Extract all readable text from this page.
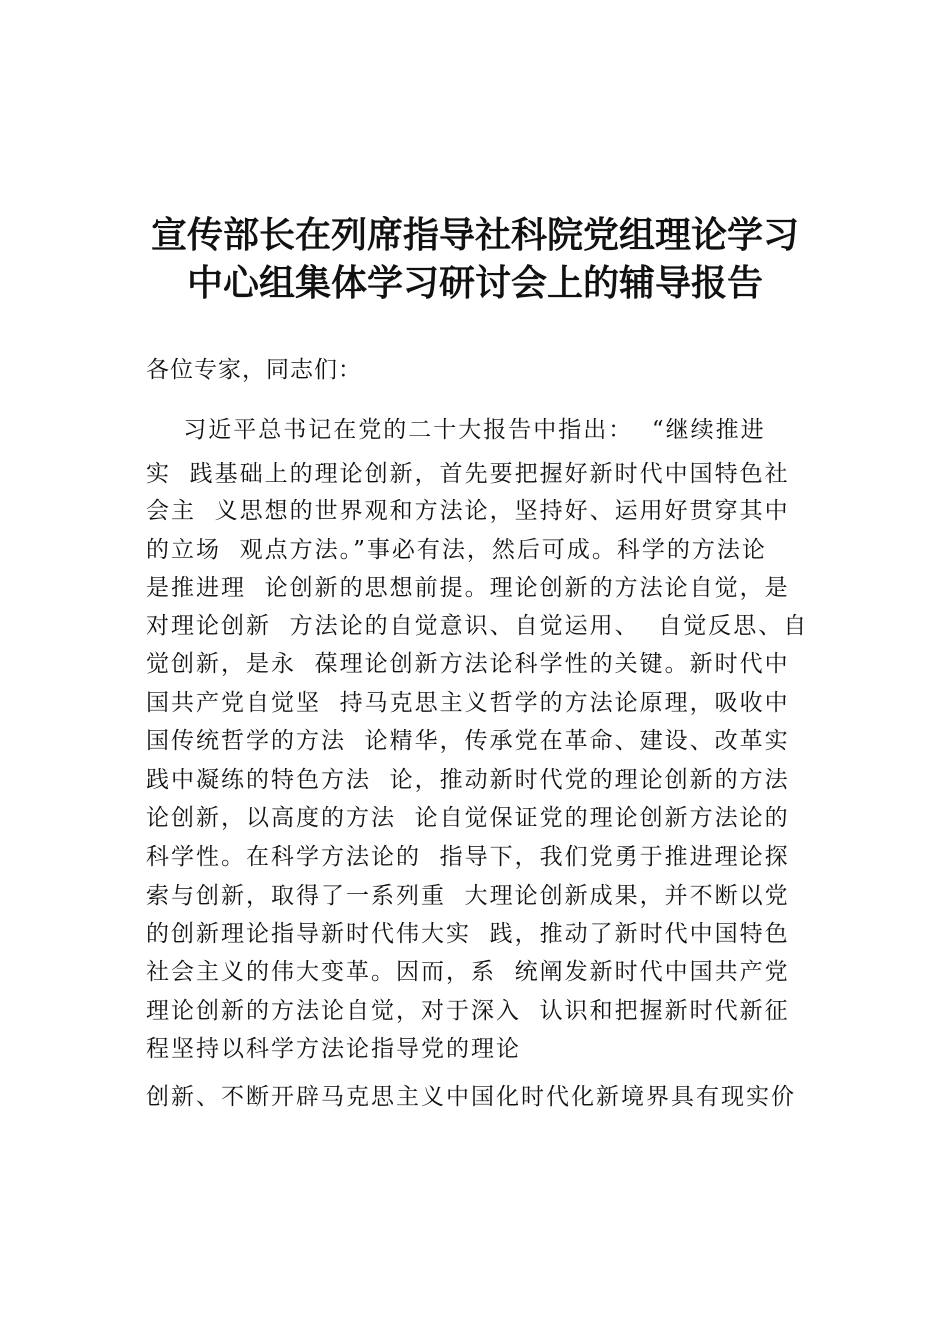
宣传部长在列席指导社科院党组理论学习
中心组集体学习研讨会上的辅导报告
各位专家，同志们：
习近平总书记在党的二十大报告中指出：  “继续推进
实  践基础上的理论创新，首先要把握好新时代中国特色社
会主  义思想的世界观和方法论，坚持好、运用好贯穿其中
的立场  观点方法。”事必有法，然后可成。科学的方法论
是推进理  论创新的思想前提。理论创新的方法论自觉，是
对理论创新  方法论的自觉意识、自觉运用、  自觉反思、自
觉创新，是永  葆理论创新方法论科学性的关键。新时代中
国共产党自觉坚  持马克思主义哲学的方法论原理，吸收中
国传统哲学的方法  论精华，传承党在革命、建设、改革实
践中凝练的特色方法  论，推动新时代党的理论创新的方法
论创新，以高度的方法  论自觉保证党的理论创新方法论的
科学性。在科学方法论的  指导下，我们党勇于推进理论探
索与创新，取得了一系列重  大理论创新成果，并不断以党
的创新理论指导新时代伟大实  践，推动了新时代中国特色
社会主义的伟大变革。因而，系  统阐发新时代中国共产党
理论创新的方法论自觉，对于深入  认识和把握新时代新征
程坚持以科学方法论指导党的理论
创新、不断开辟马克思主义中国化时代化新境界具有现实价
